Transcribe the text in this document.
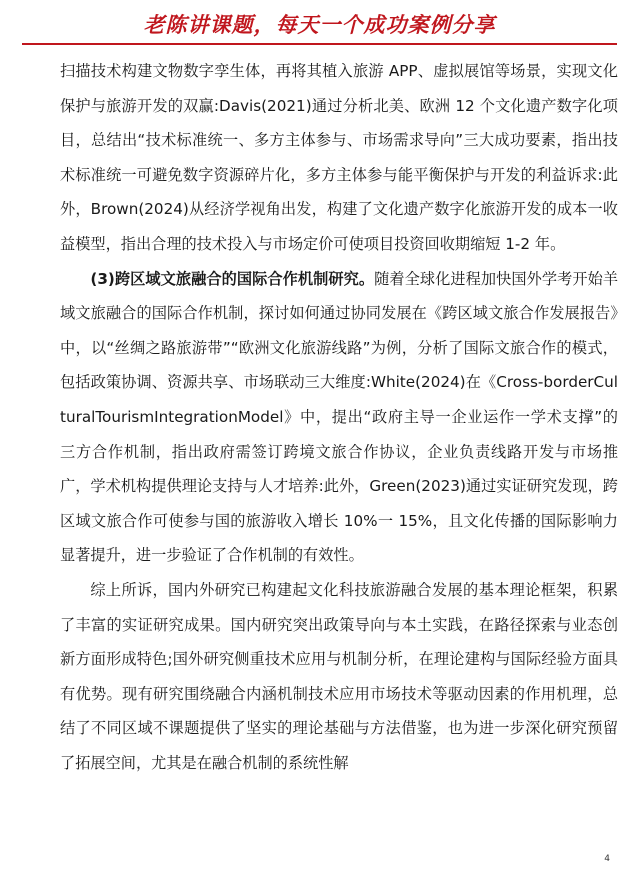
老陈讲课题，每天一个成功案例分享

扫描技术构建文物数字孪生体，再将其植入旅游 APP、虚拟展馆等场景，实现文化保护与旅游开发的双赢:Davis(2021)通过分析北美、欧洲 12 个文化遗产数字化项目，总结出“技术标准统一、多方主体参与、市场需求导向”三大成功要素，指出技术标准统一可避免数字资源碎片化，多方主体参与能平衡保护与开发的利益诉求:此外，Brown(2024)从经济学视角出发，构建了文化遗产数字化旅游开发的成本一收益模型，指出合理的技术投入与市场定价可使项目投资回收期缩短 1-2 年。

(3)跨区域文旅融合的国际合作机制研究。随着全球化进程加快国外学考开始羊域文旅融合的国际合作机制，探讨如何通过协同发展在《跨区域文旅合作发展报告》中，以“丝绸之路旅游带”“欧洲文化旅游线路”为例，分析了国际文旅合作的模式，包括政策协调、资源共享、市场联动三大维度:White(2024)在《Cross-borderCulturalTourismIntegrationModel》中，提出“政府主导一企业运作一学术支撑”的三方合作机制，指出政府需签订跨境文旅合作协议，企业负责线路开发与市场推广，学术机构提供理论支持与人才培养:此外，Green(2023)通过实证研究发现，跨区域文旅合作可使参与国的旅游收入增长 10%一 15%，且文化传播的国际影响力显著提升，进一步验证了合作机制的有效性。

综上所诉，国内外研究已构建起文化科技旅游融合发展的基本理论框架，积累了丰富的实证研究成果。国内研究突出政策导向与本土实践，在路径探索与业态创新方面形成特色;国外研究侧重技术应用与机制分析，在理论建构与国际经验方面具有优势。现有研究围绕融合内涵机制技术应用市场技术等驱动因素的作用机理，总结了不同区域不课题提供了坚实的理论基础与方法借鉴，也为进一步深化研究预留了拓展空间，尤其是在融合机制的系统性解

4
